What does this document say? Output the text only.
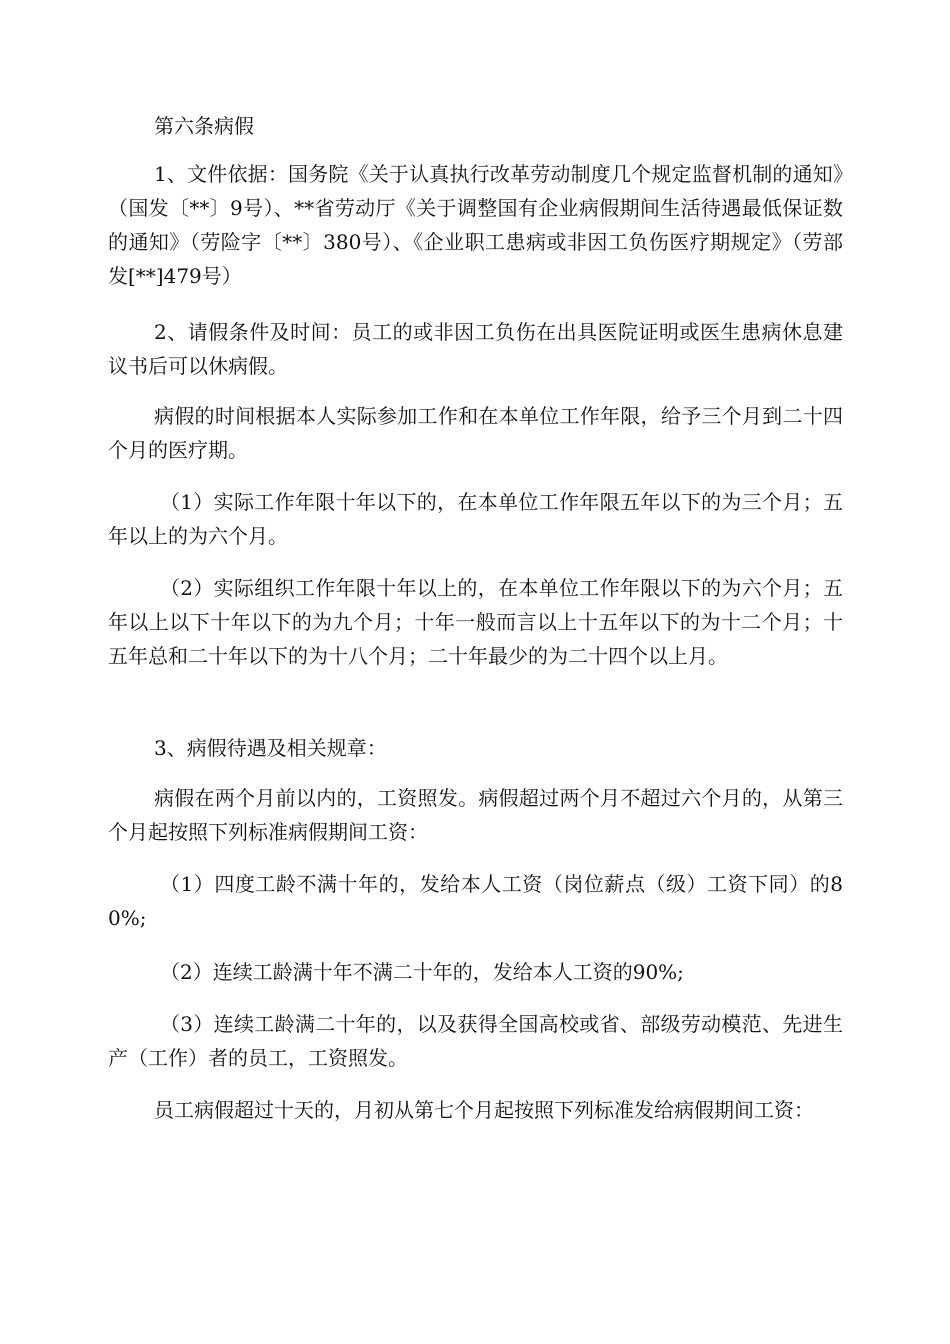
第六条病假

1、文件依据：国务院《关于认真执行改革劳动制度几个规定监督机制的通知》（国发〔**〕9号）、**省劳动厅《关于调整国有企业病假期间生活待遇最低保证数的通知》（劳险字〔**〕380号）、《企业职工患病或非因工负伤医疗期规定》（劳部发[**]479号）

2、请假条件及时间：员工的或非因工负伤在出具医院证明或医生患病休息建议书后可以休病假。

病假的时间根据本人实际参加工作和在本单位工作年限，给予三个月到二十四个月的医疗期。

（1）实际工作年限十年以下的，在本单位工作年限五年以下的为三个月；五年以上的为六个月。

（2）实际组织工作年限十年以上的，在本单位工作年限以下的为六个月；五年以上以下十年以下的为九个月；十年一般而言以上十五年以下的为十二个月；十五年总和二十年以下的为十八个月；二十年最少的为二十四个以上月。

3、病假待遇及相关规章：

病假在两个月前以内的，工资照发。病假超过两个月不超过六个月的，从第三个月起按照下列标准病假期间工资：

（1）四度工龄不满十年的，发给本人工资（岗位薪点（级）工资下同）的80%;

（2）连续工龄满十年不满二十年的，发给本人工资的90%;

（3）连续工龄满二十年的，以及获得全国高校或省、部级劳动模范、先进生产（工作）者的员工，工资照发。

员工病假超过十天的，月初从第七个月起按照下列标准发给病假期间工资：
